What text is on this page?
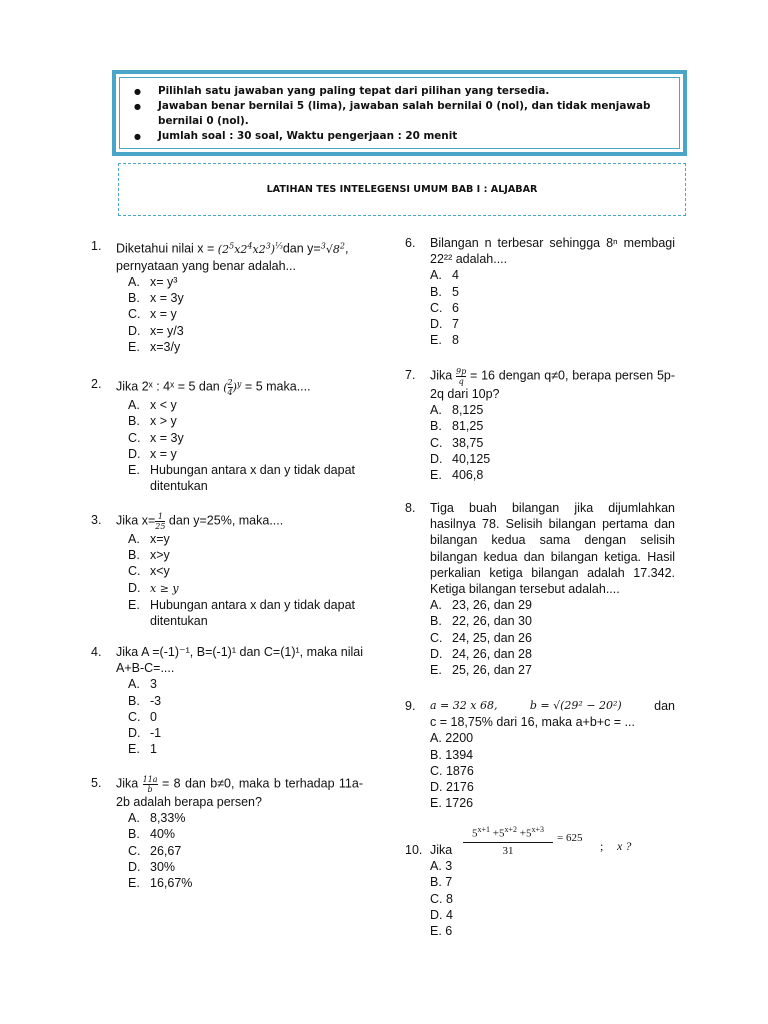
● Pilihlah satu jawaban yang paling tepat dari pilihan yang tersedia.
● Jawaban benar bernilai 5 (lima), jawaban salah bernilai 0 (nol), dan tidak menjawab bernilai 0 (nol).
● Jumlah soal : 30 soal, Waktu pengerjaan : 20 menit
LATIHAN TES INTELEGENSI UMUM BAB I : ALJABAR
1. Diketahui nilai $x = (2^5x2^4x2^3)^{\frac{1}{3}}dan$ $y=^3√8^2$,
pernyataan yang benar adalah...
A. x= y³
B. x = 3y
C. x = y
D. x= y/3
E. x=3/y
2. Jika 2ˣ : 4ˣ = 5 dan ( $\frac{2}{4} )^y = 5$ maka....
A. x < y
B. x > y
C. x = 3y
D. x = y
E. Hubungan antara x dan y tidak dapat ditentukan
3. Jika $x= \frac{1}{25}$ dan y=25%, maka....
A. x=y
B. x>y
C. x<y
D. x ≥ y
E. Hubungan antara x dan y tidak dapat ditentukan
4. Jika A =(-1)⁻¹, B=(-1)¹ dan C=(1)¹, maka nilai A+B-C=....
A. 3
B. -3
C. 0
D. -1
E. 1
5. Jika $\frac{11a}{b} = 8$ dan b≠0, maka b terhadap 11a-2b adalah berapa persen?
A. 8,33%
B. 40%
C. 26,67
D. 30%
E. 16,67%
6. Bilangan n terbesar sehingga 8ⁿ membagi 22²² adalah....
A. 4
B. 5
C. 6
D. 7
E. 8
7. Jika $\frac{9p}{q} = 16$ dengan q≠0, berapa persen 5p-2q dari 10p?
A. 8,125
B. 81,25
C. 38,75
D. 40,125
E. 406,8
8. Tiga buah bilangan jika dijumlahkan hasilnya 78. Selisih bilangan pertama dan bilangan kedua sama dengan selisih bilangan kedua dan bilangan ketiga. Hasil perkalian ketiga bilangan adalah 17.342. Ketiga bilangan tersebut adalah....
A. 23, 26, dan 29
B. 22, 26, dan 30
C. 24, 25, dan 26
D. 24, 26, dan 28
E. 25, 26, dan 27
9. a = 32 x 68,	b = √(29² − 20²)	dan
c = 18,75% dari 16, maka a+b+c = ...
A. 2200
B. 1394
C. 1876
D. 2176
E. 1726
$5^{x+1} +5^{x+2} +5^{x+3}$
31
= 625
; x ?
10. Jika
A. 3
B. 7
C. 8
D. 4
E. 6
